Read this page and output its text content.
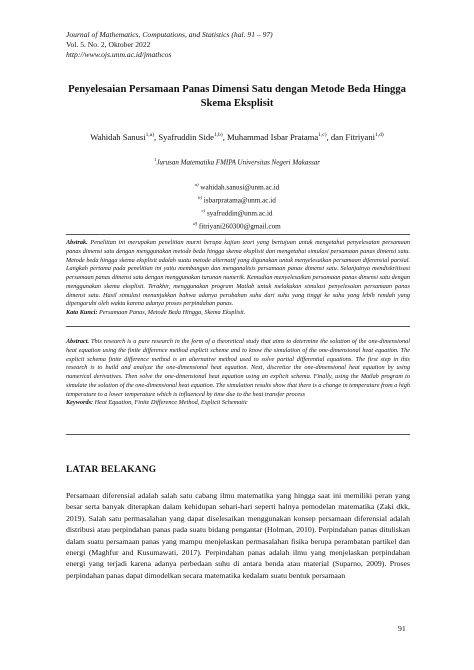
Journal of Mathematics, Computations, and Statistics (hal. 91 – 97)
Vol. 5. No. 2, Oktober 2022
http://www.ojs.unm.ac.id/jmathcos
Penyelesaian Persamaan Panas Dimensi Satu dengan Metode Beda Hingga Skema Eksplisit
Wahidah Sanusi$^{1,a)}$, Syafruddin Side$^{1,b)}$, Muhammad Isbar Pratama$^{1,c)}$, dan Fitriyani$^{1,d)}$
$^1$Jurusan Matematika FMIPA Universitas Negeri Makassar
$^{a)}$ wahidah.sanusi@unm.ac.id
$^{b)}$ isbarpratama@unm.ac.id
$^{c)}$ syafruddin@unm.ac.id
$^{d)}$ fitriyani260300@gmail.com
Abstrak. Penelitian ini merupakan penelitian murni berupa kajian teori yang bertujuan untuk mengetahui penyelesaian persamaan panas dimensi satu dengan menggunakan metode beda hingga skema eksplisit dan mengetahui simulasi persamaan panas dimensi satu. Metode beda hingga skema eksplisit adalah suatu metode alternatif yang digunakan untuk menyelesaikan persamaan diferensial parsial. Langkah pertama pada penelitian ini yaitu membangun dan menganalisis persamaan panas dimensi satu. Selanjutnya mendiskritisasi persamaan panas dimensi satu dengan menggunakan turunan numerik. Kemudian menyelesaikan persamaan panas dimensi satu dengan menggunakan skema eksplisit. Terakhir, menggunakan program Matlab untuk melakukan simulasi penyelesaian persamaan panas dimensi satu. Hasil simulasi menunjukkan bahwa adanya perubahan suhu dari suhu yang tinggi ke suhu yang lebih rendah yang dipengaruhi oleh waktu karena adanya proses perpindahan panas.
Kata Kunci: Persamaan Panas, Metode Beda Hingga, Skema Eksplisit.
Abstract. This research is a pure research in the form of a theoretical study that aims to determine the solution of the one-dimensional heat equation using the finite difference method explicit scheme and to know the simulation of the one-dimensional heat equation. The explicit schema finite difference method is an alternative method used to solve partial differential equations. The first step in this research is to build and analyze the one-dimensional heat equation. Next, discretize the one-dimensional heat equation by using numerical derivatives. Then solve the one-dimensional heat equation using an explicit schema. Finally, using the Matlab program to simulate the solution of the one-dimensional heat equation. The simulation results show that there is a change in temperature from a high temperature to a lower temperature which is influenced by time due to the heat transfer process
Keywords: Heat Equation, Finite Difference Method, Explicit Schematic
LATAR BELAKANG
Persamaan diferensial adalah salah satu cabang ilmu matematika yang hingga saat ini memiliki peran yang besar serta banyak diterapkan dalam kehidupan sehari-hari seperti halnya pemodelan matematika (Zaki dkk, 2019). Salah satu permasalahan yang dapat diselesaikan menggunakan konsep persamaan diferensial adalah distribusi atau perpindahan panas pada suatu bidang pengantar (Holman, 2010). Perpindahan panas dituliskan dalam suatu persamaan panas yang mampu menjelaskan permasalahan fisika berupa perambatan partikel dan energi (Maghfur and Kusumawati, 2017). Perpindahan panas adalah ilmu yang menjelaskan perpindahan energi yang terjadi karena adanya perbedaan suhu di antara benda atau material (Suparno, 2009). Proses perpindahan panas dapat dimodelkan secara matematika kedalam suatu bentuk persamaan
91
